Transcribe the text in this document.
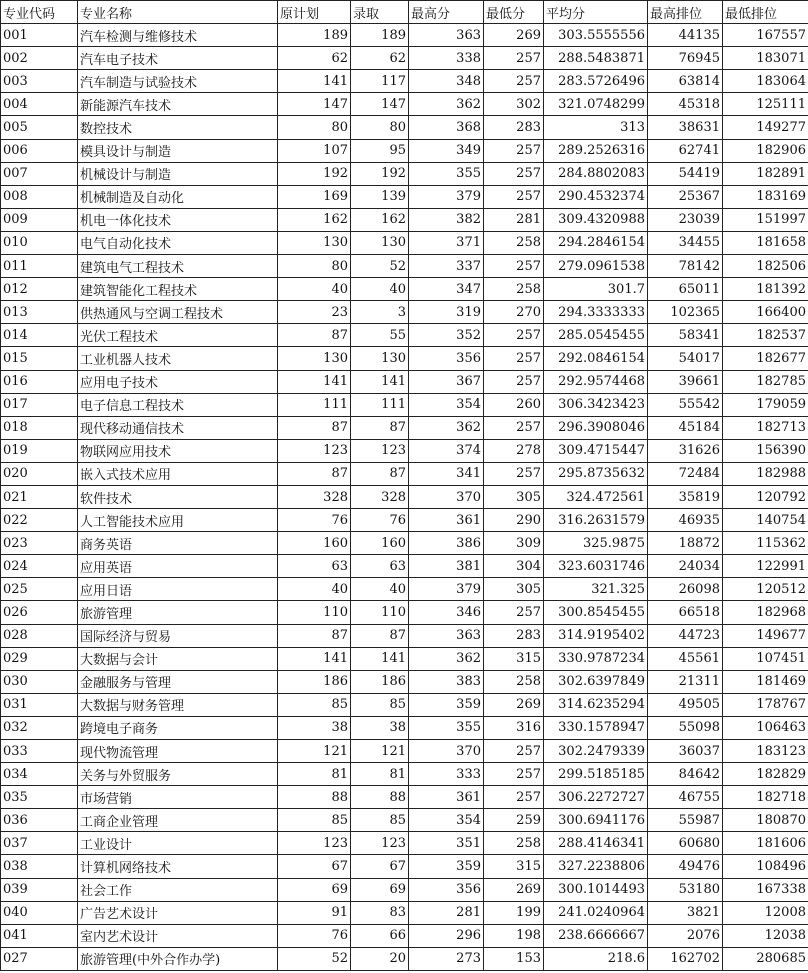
专业代码	专业名称	原计划	录取	最高分	最低分	平均分	最高排位	最低排位
001	汽车检测与维修技术	189	189	363	269	303.5555556	44135	167557
002	汽车电子技术	62	62	338	257	288.5483871	76945	183071
003	汽车制造与试验技术	141	117	348	257	283.5726496	63814	183064
004	新能源汽车技术	147	147	362	302	321.0748299	45318	125111
005	数控技术	80	80	368	283	313	38631	149277
006	模具设计与制造	107	95	349	257	289.2526316	62741	182906
007	机械设计与制造	192	192	355	257	284.8802083	54419	182891
008	机械制造及自动化	169	139	379	257	290.4532374	25367	183169
009	机电一体化技术	162	162	382	281	309.4320988	23039	151997
010	电气自动化技术	130	130	371	258	294.2846154	34455	181658
011	建筑电气工程技术	80	52	337	257	279.0961538	78142	182506
012	建筑智能化工程技术	40	40	347	258	301.7	65011	181392
013	供热通风与空调工程技术	23	3	319	270	294.3333333	102365	166400
014	光伏工程技术	87	55	352	257	285.0545455	58341	182537
015	工业机器人技术	130	130	356	257	292.0846154	54017	182677
016	应用电子技术	141	141	367	257	292.9574468	39661	182785
017	电子信息工程技术	111	111	354	260	306.3423423	55542	179059
018	现代移动通信技术	87	87	362	257	296.3908046	45184	182713
019	物联网应用技术	123	123	374	278	309.4715447	31626	156390
020	嵌入式技术应用	87	87	341	257	295.8735632	72484	182988
021	软件技术	328	328	370	305	324.472561	35819	120792
022	人工智能技术应用	76	76	361	290	316.2631579	46935	140754
023	商务英语	160	160	386	309	325.9875	18872	115362
024	应用英语	63	63	381	304	323.6031746	24034	122991
025	应用日语	40	40	379	305	321.325	26098	120512
026	旅游管理	110	110	346	257	300.8545455	66518	182968
028	国际经济与贸易	87	87	363	283	314.9195402	44723	149677
029	大数据与会计	141	141	362	315	330.9787234	45561	107451
030	金融服务与管理	186	186	383	258	302.6397849	21311	181469
031	大数据与财务管理	85	85	359	269	314.6235294	49505	178767
032	跨境电子商务	38	38	355	316	330.1578947	55098	106463
033	现代物流管理	121	121	370	257	302.2479339	36037	183123
034	关务与外贸服务	81	81	333	257	299.5185185	84642	182829
035	市场营销	88	88	361	257	306.2272727	46755	182718
036	工商企业管理	85	85	354	259	300.6941176	55987	180870
037	工业设计	123	123	351	258	288.4146341	60680	181606
038	计算机网络技术	67	67	359	315	327.2238806	49476	108496
039	社会工作	69	69	356	269	300.1014493	53180	167338
040	广告艺术设计	91	83	281	199	241.0240964	3821	12008
041	室内艺术设计	76	66	296	198	238.6666667	2076	12038
027	旅游管理(中外合作办学)	52	20	273	153	218.6	162702	280685
